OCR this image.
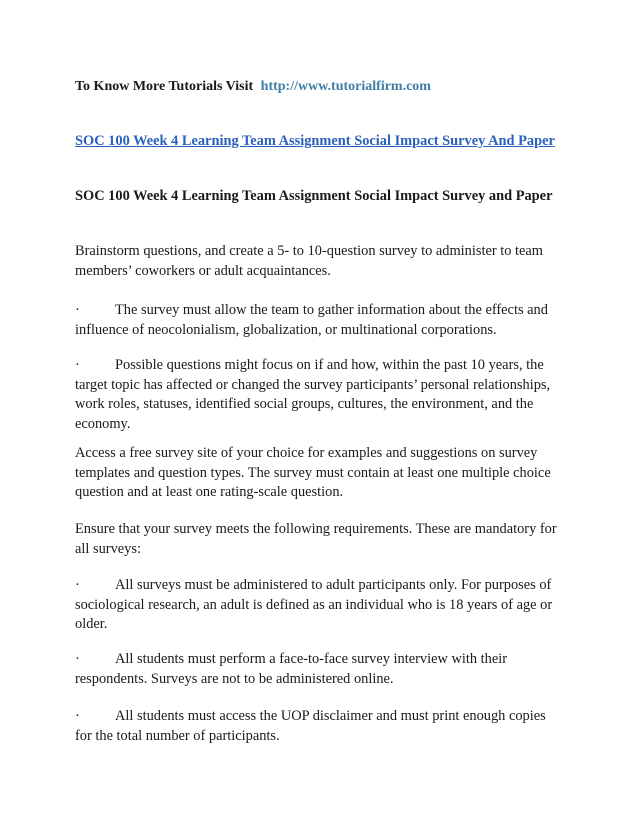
To Know More Tutorials Visit http://www.tutorialfirm.com
SOC 100 Week 4 Learning Team Assignment Social Impact Survey And Paper
SOC 100 Week 4 Learning Team Assignment Social Impact Survey and Paper
Brainstorm questions, and create a 5- to 10-question survey to administer to team members’ coworkers or adult acquaintances.
· The survey must allow the team to gather information about the effects and influence of neocolonialism, globalization, or multinational corporations.
· Possible questions might focus on if and how, within the past 10 years, the target topic has affected or changed the survey participants’ personal relationships, work roles, statuses, identified social groups, cultures, the environment, and the economy.
Access a free survey site of your choice for examples and suggestions on survey templates and question types. The survey must contain at least one multiple choice question and at least one rating-scale question.
Ensure that your survey meets the following requirements. These are mandatory for all surveys:
· All surveys must be administered to adult participants only. For purposes of sociological research, an adult is defined as an individual who is 18 years of age or older.
· All students must perform a face-to-face survey interview with their respondents. Surveys are not to be administered online.
· All students must access the UOP disclaimer and must print enough copies for the total number of participants.
